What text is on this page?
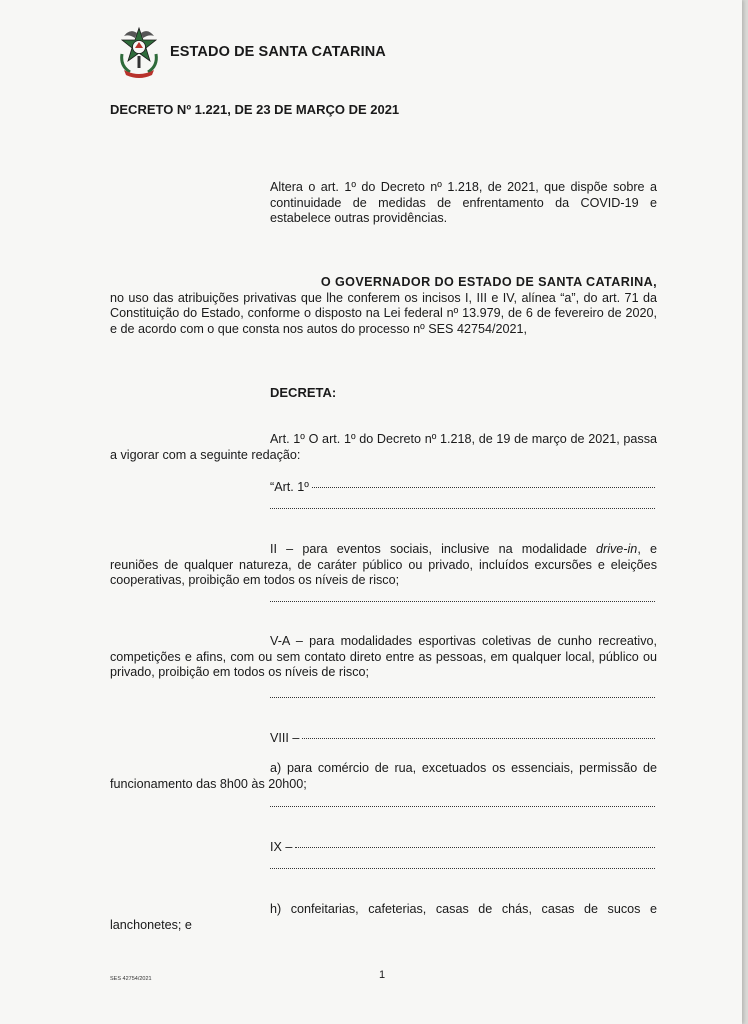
ESTADO DE SANTA CATARINA
DECRETO Nº 1.221, DE 23 DE MARÇO DE 2021
Altera o art. 1º do Decreto nº 1.218, de 2021, que dispõe sobre a continuidade de medidas de enfrentamento da COVID-19 e estabelece outras providências.
O GOVERNADOR DO ESTADO DE SANTA CATARINA,
no uso das atribuições privativas que lhe conferem os incisos I, III e IV, alínea “a”, do art. 71 da Constituição do Estado, conforme o disposto na Lei federal nº 13.979, de 6 de fevereiro de 2020, e de acordo com o que consta nos autos do processo nº SES 42754/2021,
DECRETA:
Art. 1º O art. 1º do Decreto nº 1.218, de 19 de março de 2021, passa a vigorar com a seguinte redação:
“Art. 1º
II – para eventos sociais, inclusive na modalidade drive-in, e reuniões de qualquer natureza, de caráter público ou privado, incluídos excursões e eleições cooperativas, proibição em todos os níveis de risco;
V-A – para modalidades esportivas coletivas de cunho recreativo, competições e afins, com ou sem contato direto entre as pessoas, em qualquer local, público ou privado, proibição em todos os níveis de risco;
VIII –
a) para comércio de rua, excetuados os essenciais, permissão de funcionamento das 8h00 às 20h00;
IX –
h) confeitarias, cafeterias, casas de chás, casas de sucos e lanchonetes; e
SES 42754/2021	1
